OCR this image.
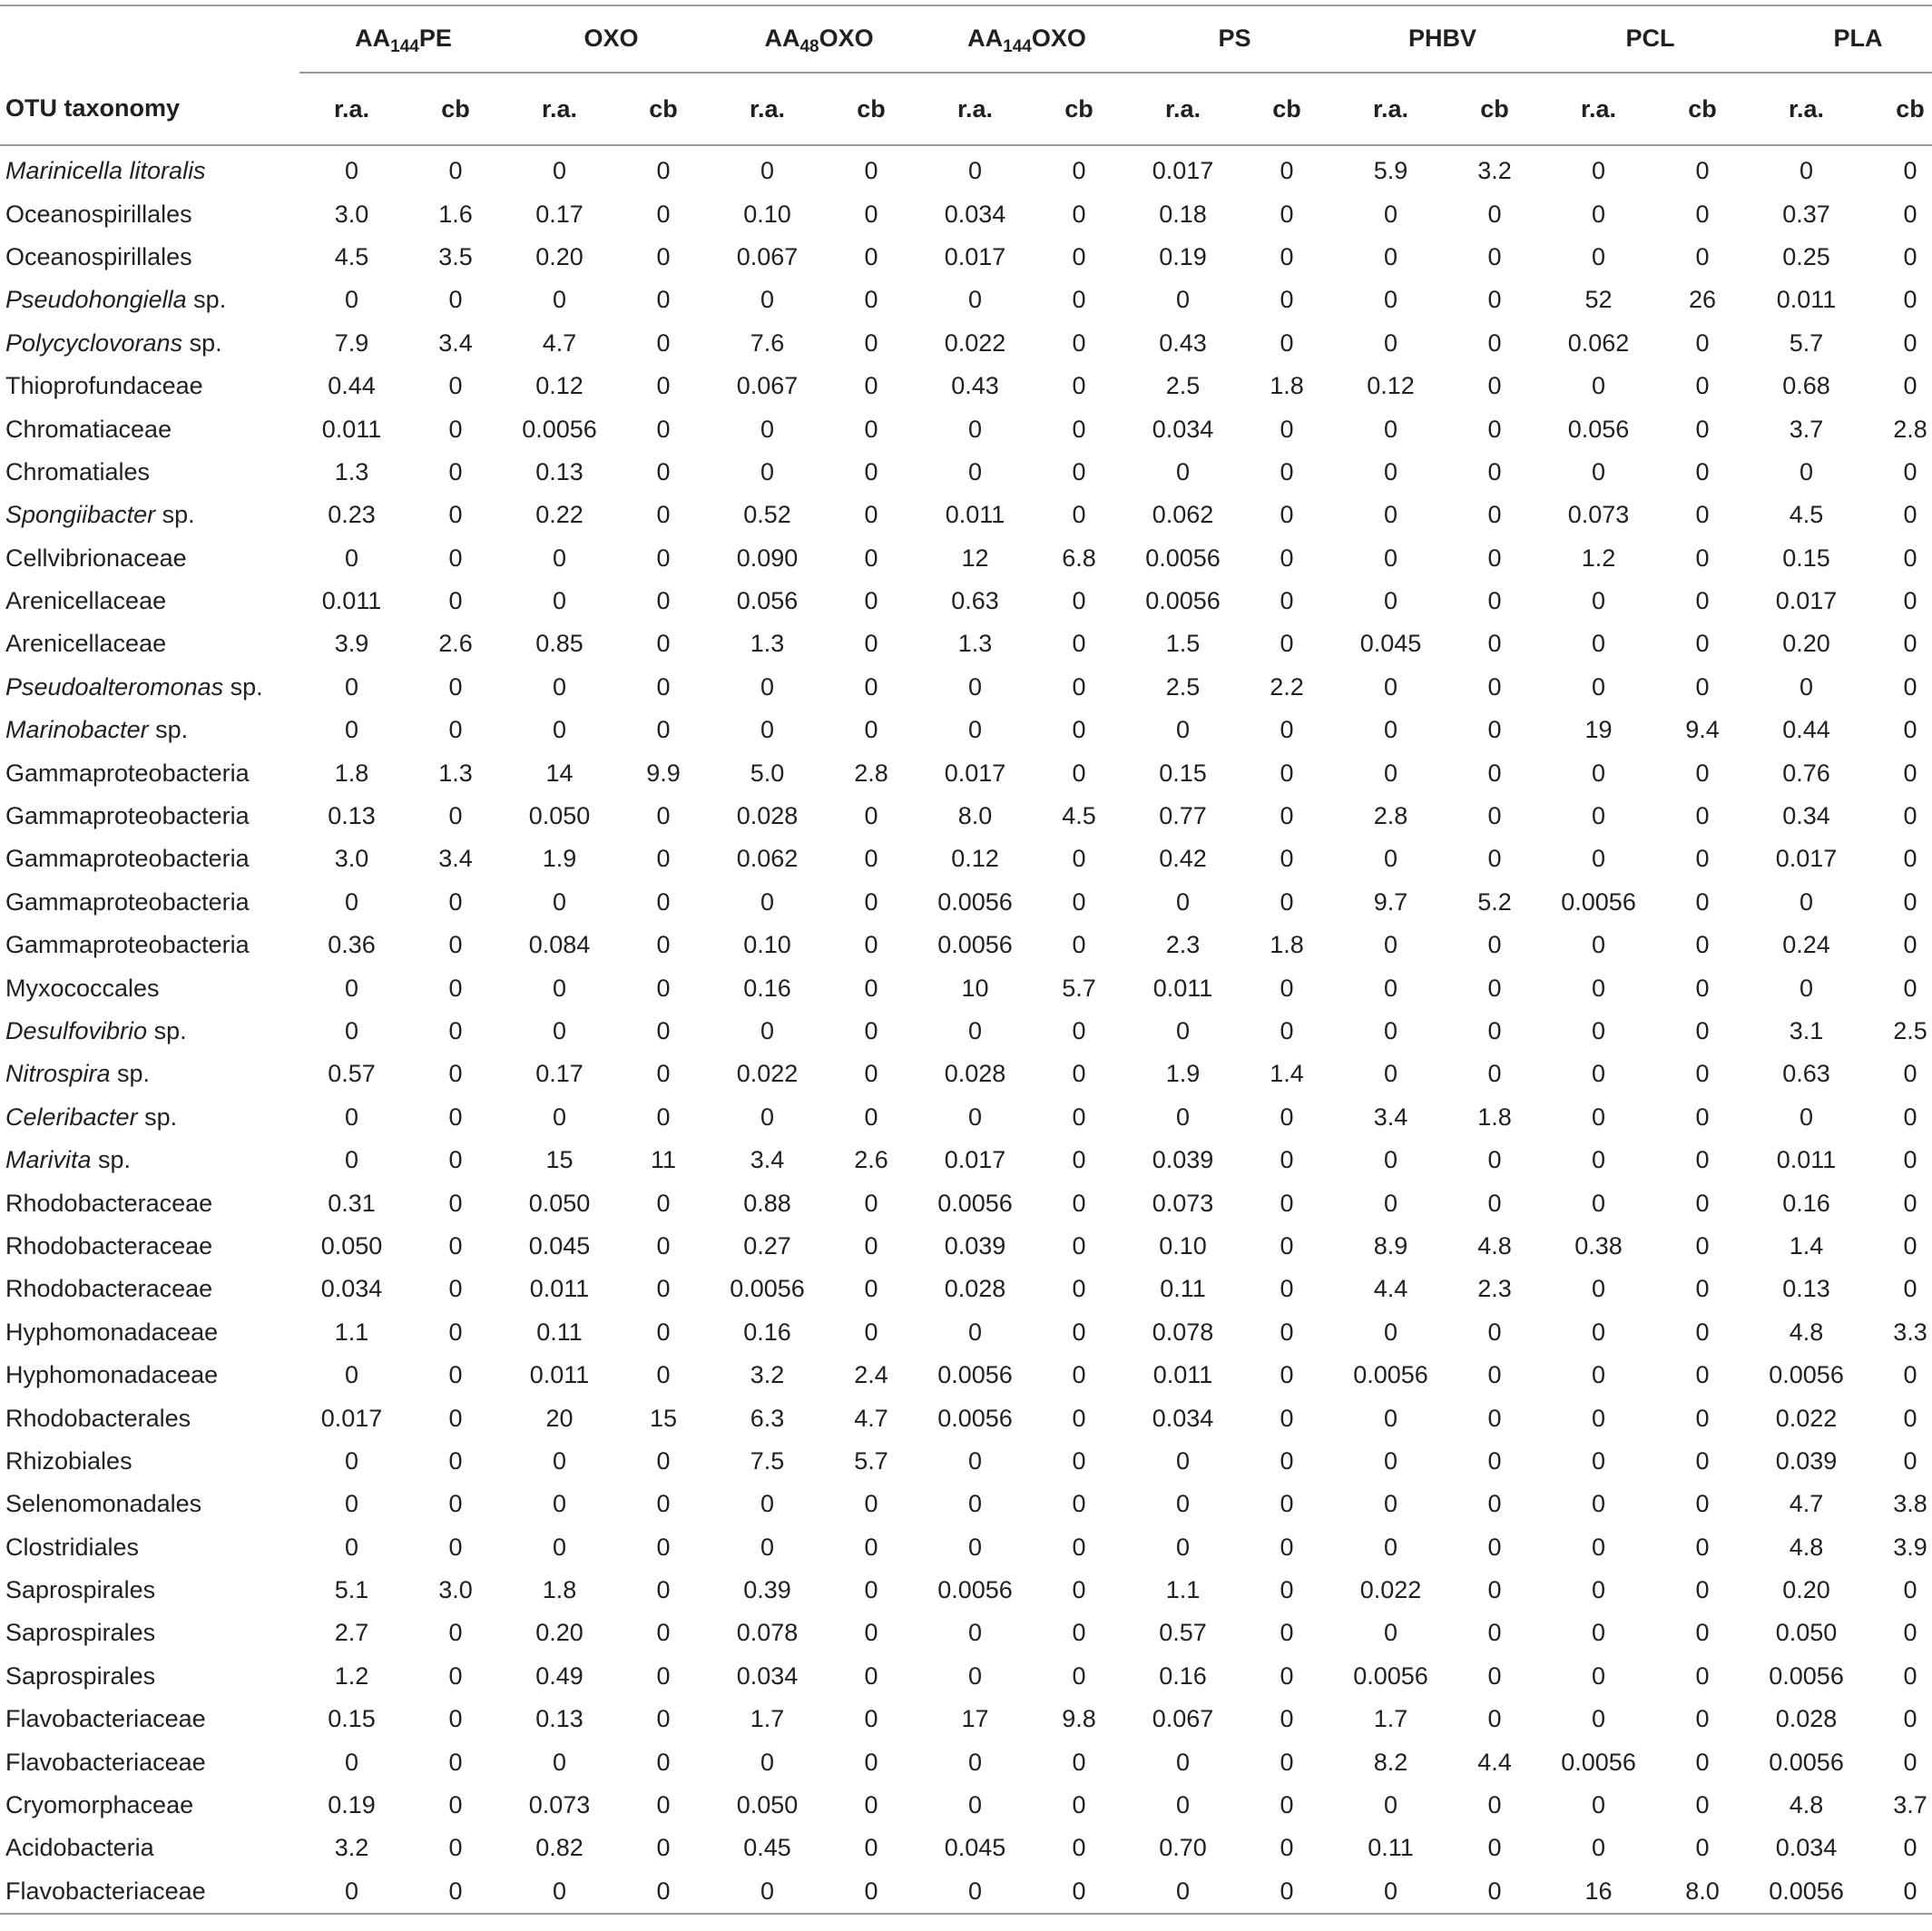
	$AA_{144}PE$		OXO		$AA_{48}OXO$		$AA_{144}OXO$		PS		PHBV		PCL		PLA	
OTU taxonomy	r.a.	cb	r.a.	cb	r.a.	cb	r.a.	cb	r.a.	cb	r.a.	cb	r.a.	cb	r.a.	cb

Marinicella litoralis	0	0	0	0	0	0	0	0	0.017	0	5.9	3.2	0	0	0	0
Oceanospirillales	3.0	1.6	0.17	0	0.10	0	0.034	0	0.18	0	0	0	0	0	0.37	0
Oceanospirillales	4.5	3.5	0.20	0	0.067	0	0.017	0	0.19	0	0	0	0	0	0.25	0
Pseudohongiella sp.	0	0	0	0	0	0	0	0	0	0	0	0	52	26	0.011	0
Polycyclovorans sp.	7.9	3.4	4.7	0	7.6	0	0.022	0	0.43	0	0	0	0.062	0	5.7	0
Thioprofundaceae	0.44	0	0.12	0	0.067	0	0.43	0	2.5	1.8	0.12	0	0	0	0.68	0
Chromatiaceae	0.011	0	0.0056	0	0	0	0	0	0.034	0	0	0	0.056	0	3.7	2.8
Chromatiales	1.3	0	0.13	0	0	0	0	0	0	0	0	0	0	0	0	0
Spongiibacter sp.	0.23	0	0.22	0	0.52	0	0.011	0	0.062	0	0	0	0.073	0	4.5	0
Cellvibrionaceae	0	0	0	0	0.090	0	12	6.8	0.0056	0	0	0	1.2	0	0.15	0
Arenicellaceae	0.011	0	0	0	0.056	0	0.63	0	0.0056	0	0	0	0	0	0.017	0
Arenicellaceae	3.9	2.6	0.85	0	1.3	0	1.3	0	1.5	0	0.045	0	0	0	0.20	0
Pseudoalteromonas sp.	0	0	0	0	0	0	0	0	2.5	2.2	0	0	0	0	0	0
Marinobacter sp.	0	0	0	0	0	0	0	0	0	0	0	0	19	9.4	0.44	0
Gammaproteobacteria	1.8	1.3	14	9.9	5.0	2.8	0.017	0	0.15	0	0	0	0	0	0.76	0
Gammaproteobacteria	0.13	0	0.050	0	0.028	0	8.0	4.5	0.77	0	2.8	0	0	0	0.34	0
Gammaproteobacteria	3.0	3.4	1.9	0	0.062	0	0.12	0	0.42	0	0	0	0	0	0.017	0
Gammaproteobacteria	0	0	0	0	0	0	0.0056	0	0	0	9.7	5.2	0.0056	0	0	0
Gammaproteobacteria	0.36	0	0.084	0	0.10	0	0.0056	0	2.3	1.8	0	0	0	0	0.24	0
Myxococcales	0	0	0	0	0.16	0	10	5.7	0.011	0	0	0	0	0	0	0
Desulfovibrio sp.	0	0	0	0	0	0	0	0	0	0	0	0	0	0	3.1	2.5
Nitrospira sp.	0.57	0	0.17	0	0.022	0	0.028	0	1.9	1.4	0	0	0	0	0.63	0
Celeribacter sp.	0	0	0	0	0	0	0	0	0	0	3.4	1.8	0	0	0	0
Marivita sp.	0	0	15	11	3.4	2.6	0.017	0	0.039	0	0	0	0	0	0.011	0
Rhodobacteraceae	0.31	0	0.050	0	0.88	0	0.0056	0	0.073	0	0	0	0	0	0.16	0
Rhodobacteraceae	0.050	0	0.045	0	0.27	0	0.039	0	0.10	0	8.9	4.8	0.38	0	1.4	0
Rhodobacteraceae	0.034	0	0.011	0	0.0056	0	0.028	0	0.11	0	4.4	2.3	0	0	0.13	0
Hyphomonadaceae	1.1	0	0.11	0	0.16	0	0	0	0.078	0	0	0	0	0	4.8	3.3
Hyphomonadaceae	0	0	0.011	0	3.2	2.4	0.0056	0	0.011	0	0.0056	0	0	0	0.0056	0
Rhodobacterales	0.017	0	20	15	6.3	4.7	0.0056	0	0.034	0	0	0	0	0	0.022	0
Rhizobiales	0	0	0	0	7.5	5.7	0	0	0	0	0	0	0	0	0.039	0
Selenomonadales	0	0	0	0	0	0	0	0	0	0	0	0	0	0	4.7	3.8
Clostridiales	0	0	0	0	0	0	0	0	0	0	0	0	0	0	4.8	3.9
Saprospirales	5.1	3.0	1.8	0	0.39	0	0.0056	0	1.1	0	0.022	0	0	0	0.20	0
Saprospirales	2.7	0	0.20	0	0.078	0	0	0	0.57	0	0	0	0	0	0.050	0
Saprospirales	1.2	0	0.49	0	0.034	0	0	0	0.16	0	0.0056	0	0	0	0.0056	0
Flavobacteriaceae	0.15	0	0.13	0	1.7	0	17	9.8	0.067	0	1.7	0	0	0	0.028	0
Flavobacteriaceae	0	0	0	0	0	0	0	0	0	0	8.2	4.4	0.0056	0	0.0056	0
Cryomorphaceae	0.19	0	0.073	0	0.050	0	0	0	0	0	0	0	0	0	4.8	3.7
Acidobacteria	3.2	0	0.82	0	0.45	0	0.045	0	0.70	0	0.11	0	0	0	0.034	0
Flavobacteriaceae	0	0	0	0	0	0	0	0	0	0	0	0	16	8.0	0.0056	0
